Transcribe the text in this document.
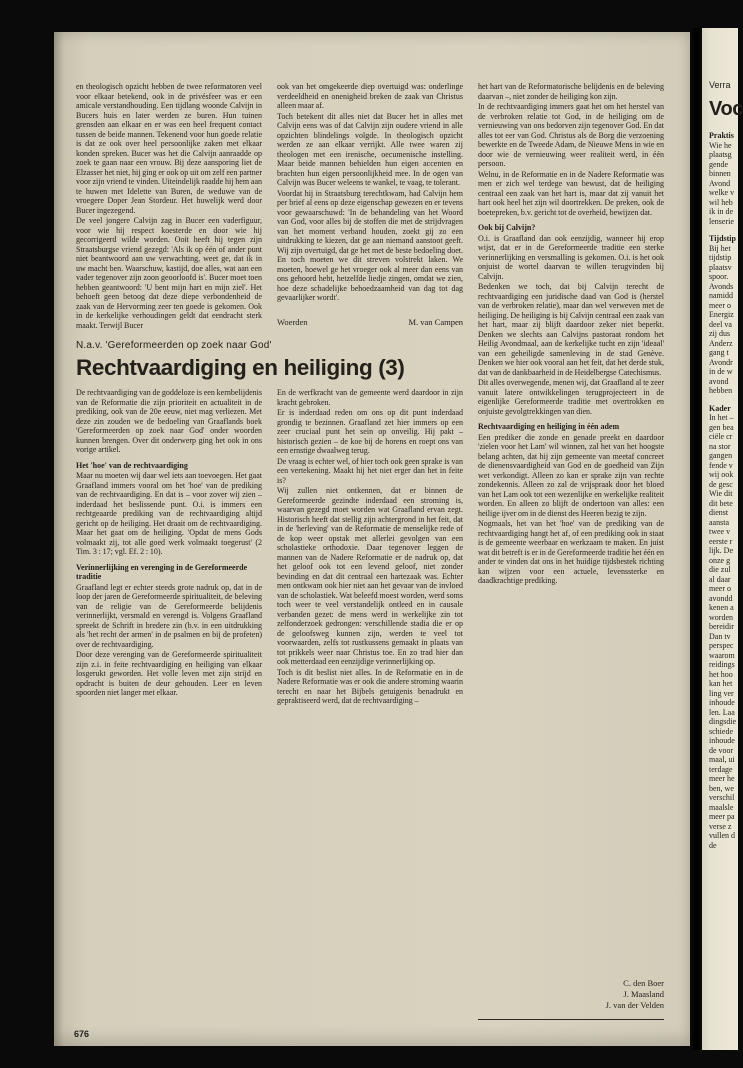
en theologisch opzicht hebben de twee reformatoren veel voor elkaar betekend, ook in de privésfeer was er een amicale verstandhouding. Een tijdlang woonde Calvijn in Bucers huis en later werden ze buren. Hun tuinen grensden aan elkaar en er was een heel frequent contact tussen de beide mannen. Tekenend voor hun goede relatie is dat ze ook over heel persoonlijke zaken met elkaar konden spreken. Bucer was het die Calvijn aanraadde op zoek te gaan naar een vrouw. Bij deze aansporing liet de Elzasser het niet, hij ging er ook op uit om zelf een partner voor zijn vriend te vinden. Uiteindelijk raadde hij hem aan te huwen met Idelette van Buren, de weduwe van de vroegere Doper Jean Stordeur. Het huwelijk werd door Bucer ingezegend.

De veel jongere Calvijn zag in Bucer een vaderfiguur, voor wie hij respect koesterde en door wie hij gecorrigeerd wilde worden. Ooit heeft hij tegen zijn Straatsburgse vriend gezegd: 'Als ik op één of ander punt niet beantwoord aan uw verwachting, weet ge, dat ik in uw macht ben. Waarschuw, kastijd, doe alles, wat aan een vader tegenover zijn zoon geoorloofd is'. Bucer moet toen hebben geantwoord: 'U bent mijn hart en mijn ziel'. Het behoeft geen betoog dat deze diepe verbondenheid de zaak van de Hervorming zeer ten goede is gekomen. Ook in de kerkelijke verhoudingen geldt dat eendracht sterk maakt. Terwijl Bucer

ook van het omgekeerde diep overtuigd was: onderlinge verdeeldheid en onenigheid breken de zaak van Christus alleen maar af.

Toch betekent dit alles niet dat Bucer het in alles met Calvijn eens was of dat Calvijn zijn oudere vriend in alle opzichten blindelings volgde. In theologisch opzicht werden ze aan elkaar verrijkt. Alle twee waren zij theologen met een irenische, oecumenische instelling. Maar beide mannen behielden hun eigen accenten en brachten hun eigen persoonlijkheid mee. In de ogen van Calvijn was Bucer weleens te wankel, te vaag, te tolerant.

Voordat hij in Straatsburg terechtkwam, had Calvijn hem per brief al eens op deze eigenschap gewezen en er tevens voor gewaarschuwd: 'In de behandeling van het Woord van God, voor alles bij de stoffen die met de strijdvragen van het moment verband houden, zoekt gij zo een uitdrukking te kiezen, dat ge aan niemand aanstoot geeft. Wij zijn overtuigd, dat ge het met de beste bedoeling doet. En toch moeten we dit streven volstrekt laken. We moeten, hoewel ge het vroeger ook al meer dan eens van ons gehoord hebt, hetzelfde liedje zingen, omdat we zien, hoe deze schadelijke behoedzaamheid van dag tot dag gevaarlijker wordt'.

Woerden	M. van Campen

het hart van de Reformatorische belijdenis en de beleving daarvan –, niet zonder de heiliging kon zijn.

In de rechtvaardiging immers gaat het om het herstel van de verbroken relatie tot God, in de heiliging om de vernieuwing van ons bedorven zijn tegenover God. En dat alles tot eer van God. Christus als de Borg die verzoening bewerkte en de Tweede Adam, de Nieuwe Mens in wie en door wie de vernieuwing weer realiteit werd, in één persoon.

Welnu, in de Reformatie en in de Nadere Reformatie was men er zich wel terdege van bewust, dat de heiliging centraal een zaak van het hart is, maar dat zij vanuit het hart ook heel het zijn wil doortrekken. De preken, ook de boetepreken, b.v. gericht tot de overheid, bewijzen dat.

Ook bij Calvijn?

O.i. is Graafland dan ook eenzijdig, wanneer hij erop wijst, dat er in de Gereformeerde traditie een sterke verinnerlijking en versmalling is gekomen. O.i. is het ook onjuist de wortel daarvan te willen terugvinden bij Calvijn.

Bedenken we toch, dat bij Calvijn terecht de rechtvaardiging een juridische daad van God is (herstel van de verbroken relatie), maar dan wel verweven met de heiliging. De heiliging is bij Calvijn centraal een zaak van het hart, maar zij blijft daardoor zeker niet beperkt. Denken we slechts aan Calvijns pastoraat rondom het Heilig Avondmaal, aan de kerkelijke tucht en zijn 'ideaal' van een geheiligde samenleving in de stad Genève. Denken we hier ook vooral aan het feit, dat het derde stuk, dat van de dankbaarheid in de Heidelbergse Catechismus.

Dit alles overwegende, menen wij, dat Graafland al te zeer vanuit latere ontwikkelingen terugprojecteert in de eigenlijke Gereformeerde traditie met overtrokken en onjuiste gevolgtrekkingen van dien.

Rechtvaardiging en heiliging in één adem

Een prediker die zonde en genade preekt en daardoor 'zielen voor het Lam' wil winnen, zal het van het hoogste belang achten, dat hij zijn gemeente van meetaf concreet de dienensvaardigheid van God en de goedheid van Zijn wet verkondigt. Alleen zo kan er sprake zijn van rechte zondekennis. Alleen zo zal de vrijspraak door het bloed van het Lam ook tot een wezenlijke en werkelijke realiteit worden. En alleen zo blijft de ondertoon van alles: een heilige ijver om in de dienst des Heeren bezig te zijn.

Nogmaals, het van het 'hoe' van de prediking van de rechtvaardiging hangt het af, of een prediking ook in staat is de gemeente weerbaar en werkzaam te maken. En juist wat dit betreft is er in de Gereformeerde traditie het één en ander te vinden dat ons in het huidige tijdsbestek richting kan wijzen voor een actuele, levenssterke en daadkrachtige prediking.

C. den Boer
J. Maasland
J. van der Velden
N.a.v. 'Gereformeerden op zoek naar God'
Rechtvaardiging en heiliging (3)

De rechtvaardiging van de goddeloze is een kernbelijdenis van de Reformatie die zijn prioriteit en actualiteit in de prediking, ook van de 20e eeuw, niet mag verliezen. Met deze zin zouden we de bedoeling van Graaflands boek 'Gereformeerden op zoek naar God' onder woorden kunnen brengen. Over dit onderwerp ging het ook in ons vorige artikel.

Het 'hoe' van de rechtvaardiging

Maar nu moeten wij daar wel iets aan toevoegen. Het gaat Graafland immers vooral om het 'hoe' van de prediking van de rechtvaardiging. En dat is – voor zover wij zien – inderdaad het beslissende punt. O.i. is immers een rechtgeaarde prediking van de rechtvaardiging altijd gericht op de heiliging. Het draait om de rechtvaardiging. Maar het gaat om de heiliging. 'Opdat de mens Gods volmaakt zij, tot alle goed werk volmaakt toegerust' (2 Tim. 3 : 17; vgl. Ef. 2 : 10).

Verinnerlijking en verenging in de Gereformeerde traditie

Graafland legt er echter steeds grote nadruk op, dat in de loop der jaren de Gereformeerde spiritualiteit, de beleving van de religie van de Gereformeerde belijdenis verinnerlijkt, versmald en verengd is. Volgens Graafland spreekt de Schrift in bredere zin (b.v. in een uitdrukking als 'het recht der armen' in de psalmen en bij de profeten) over de rechtvaardiging.

Door deze verenging van de Gereformeerde spiritualiteit zijn z.i. in feite rechtvaardiging en heiliging van elkaar losgerukt geworden. Het volle leven met zijn strijd en opdracht is buiten de deur gehouden. Leer en leven spoorden niet langer met elkaar.

En de werfkracht van de gemeente werd daardoor in zijn kracht gebroken.

Er is inderdaad reden om ons op dit punt inderdaad grondig te bezinnen. Graafland zet hier immers op een zeer cruciaal punt het sein op onveilig. Hij pakt – historisch gezien – de koe bij de horens en roept ons van een ernstige dwaalweg terug.

De vraag is echter wel, of hier toch ook geen sprake is van een vertekening. Maakt hij het niet erger dan het in feite is?

Wij zullen niet ontkennen, dat er binnen de Gereformeerde gezindte inderdaad een stroming is, waarvan gezegd moet worden wat Graafland ervan zegt. Historisch heeft dat stellig zijn achtergrond in het feit, dat in de 'herleving' van de Reformatie de menselijke rede of de kop weer opstak met allerlei gevolgen van een scholastieke orthodoxie. Daar tegenover leggen de mannen van de Nadere Reformatie er de nadruk op, dat het geloof ook tot een levend geloof, niet zonder bevinding en dat dit centraal een hartezaak was. Echter men ontkwam ook hier niet aan het gevaar van de invloed van de scholastiek. Wat beleefd moest worden, werd soms toch weer te veel verstandelijk ontleed en in causale verbanden gezet: de mens werd in werkelijke zin tot zelfonderzoek gedrongen: verschillende stadia die er op de geloofsweg kunnen zijn, werden te veel tot voorwaarden, zelfs tot rustkussens gemaakt in plaats van tot prikkels weer naar Christus toe. En zo trad hier dan ook metterdaad een eenzijdige verinnerlijking op.

Toch is dit beslist niet alles. In de Reformatie en in de Nadere Reformatie was er ook die andere stroming waarin terecht en naar het Bijbels getuigenis benadrukt en gepraktiseerd werd, dat de rechtvaardiging –

676
Verra
Voc
Praktis
Wie he
plaatsg
gende
binnen
Avond
welke v
wil heb
ik in de
lenserie
Tijdstip
Bij het
tijdstip
plaatsv
spoor.
Avonds
namidd
meer o
Energiz
deel va
zij dus
Anderz
gang t
Avondr
in de w
avond
hebben
Kader
In het –
gen bea
ciële cr
na stor
gangen
fende v
wij ook
de gesc
Wie dit
dit bete
dienst
aansta
twee v
eerste r
lijk. De
onze g
die zul
al daar
meer o
avondd
kenen a
worden
bereidir
Dan tv
perspec
waarom
reidings
het hoo
kan het
ling ver
inhoude
len. Laa
dingsdie
schiede
inhoude
de voor
maal, ui
terdage
meer he
ben, we
verschil
maalsle
meer pa
verse z
vullen d
de
